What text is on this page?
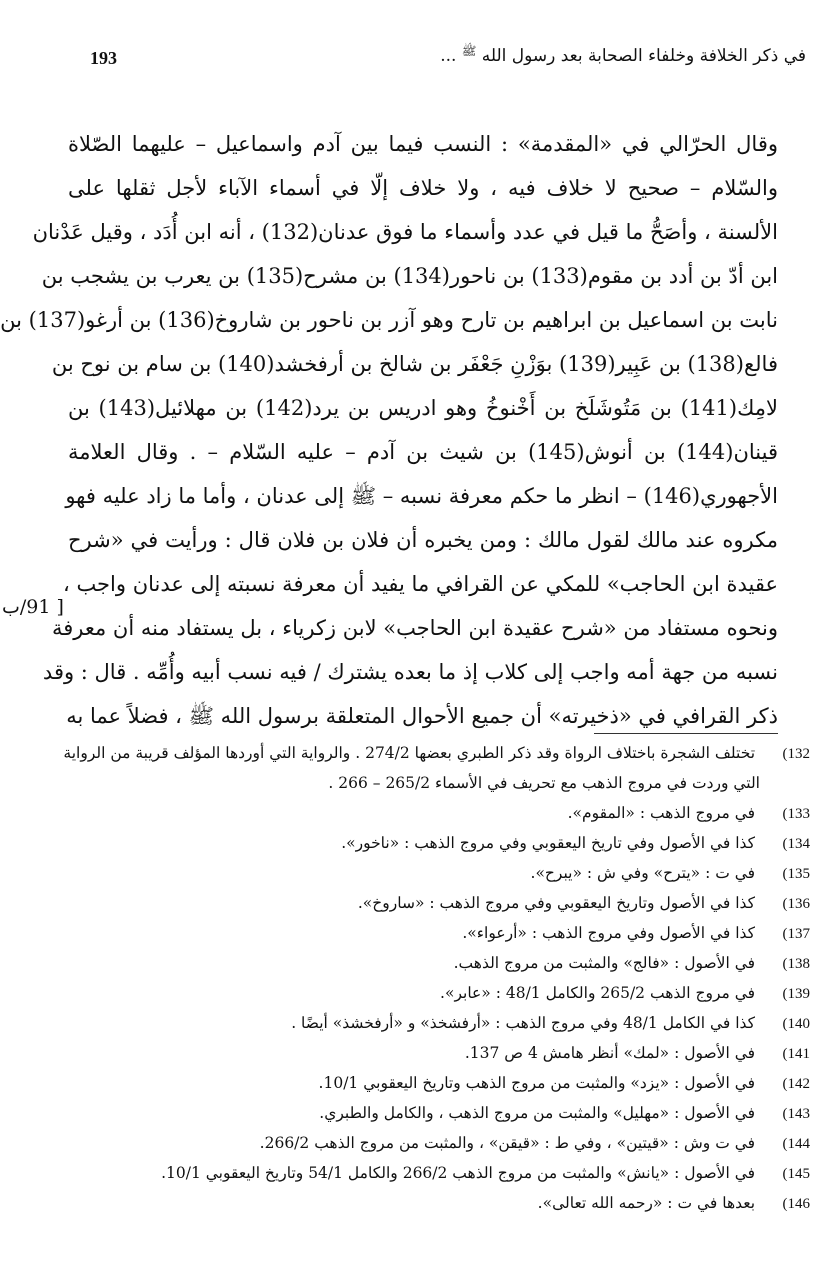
193	في ذكر الخلافة وخلفاء الصحابة بعد رسول الله $^ﷺ$ ...
وقال الحرّالي في «المقدمة» : النسب فيما بين آدم واسماعيل – عليهما الصّلاة
والسّلام – صحيح لا خلاف فيه ، ولا خلاف إلّا في أسماء الآباء لأجل ثقلها على
الألسنة ، وأصَحُّ ما قيل في عدد وأسماء ما فوق عدنان(132) ، أنه ابن أُدَد ، وقيل عَدْنان
ابن أدّ بن أدد بن مقوم(133) بن ناحور(134) بن مشرح(135) بن يعرب بن يشجب بن
نابت بن اسماعيل بن ابراهيم بن تارح وهو آزر بن ناحور بن شاروخ(136) بن أرغو(137) بن
فالع(138) بن عَبِير(139) بوَزْنِ جَعْفَر بن شالخ بن أرفخشد(140) بن سام بن نوح بن
لامِك(141) بن مَتُوشَلَخ بن أَخْنوخُ وهو ادريس بن يرد(142) بن مهلائيل(143) بن
قينان(144) بن أنوش(145) بن شيث بن آدم – عليه السّلام – . وقال العلامة
الأجهوري(146) – انظر ما حكم معرفة نسبه – ﷺ إلى عدنان ، وأما ما زاد عليه فهو
مكروه عند مالك لقول مالك : ومن يخبره أن فلان بن فلان قال : ورأيت في «شرح
عقيدة ابن الحاجب» للمكي عن القرافي ما يفيد أن معرفة نسبته إلى عدنان واجب ،
ونحوه مستفاد من «شرح عقيدة ابن الحاجب» لابن زكرياء ، بل يستفاد منه أن معرفة
نسبه من جهة أمه واجب إلى كلاب إذ ما بعده يشترك / فيه نسب أبيه وأُمِّه . قال : وقد
ذكر القرافي في «ذخيرته» أن جميع الأحوال المتعلقة برسول الله ﷺ ، فضلاً عما به
[ 91/ب
132) تختلف الشجرة باختلاف الرواة وقد ذكر الطبري بعضها 274/2 . والرواية التي أوردها المؤلف قريبة من الرواية
التي وردت في مروج الذهب مع تحريف في الأسماء 265/2 – 266 .
133) في مروج الذهب : «المقوم».
134) كذا في الأصول وفي تاريخ اليعقوبي وفي مروج الذهب : «ناخور».
135) في ت : «يترح» وفي ش : «يبرح».
136) كذا في الأصول وتاريخ اليعقوبي وفي مروج الذهب : «ساروخ».
137) كذا في الأصول وفي مروج الذهب : «أرعواء».
138) في الأصول : «فالج» والمثبت من مروج الذهب.
139) في مروج الذهب 265/2 والكامل 48/1 : «عابر».
140) كذا في الكامل 48/1 وفي مروج الذهب : «أرفشخذ» و «أرفخشذ» أيضًا .
141) في الأصول : «لمك» أنظر هامش 4 ص 137.
142) في الأصول : «يزد» والمثبت من مروج الذهب وتاريخ اليعقوبي 10/1.
143) في الأصول : «مهليل» والمثبت من مروج الذهب ، والكامل والطبري.
144) في ت وش : «قيتين» ، وفي ط : «قيقن» ، والمثبت من مروج الذهب 266/2.
145) في الأصول : «يانش» والمثبت من مروج الذهب 266/2 والكامل 54/1 وتاريخ اليعقوبي 10/1.
146) بعدها في ت : «رحمه الله تعالى».
